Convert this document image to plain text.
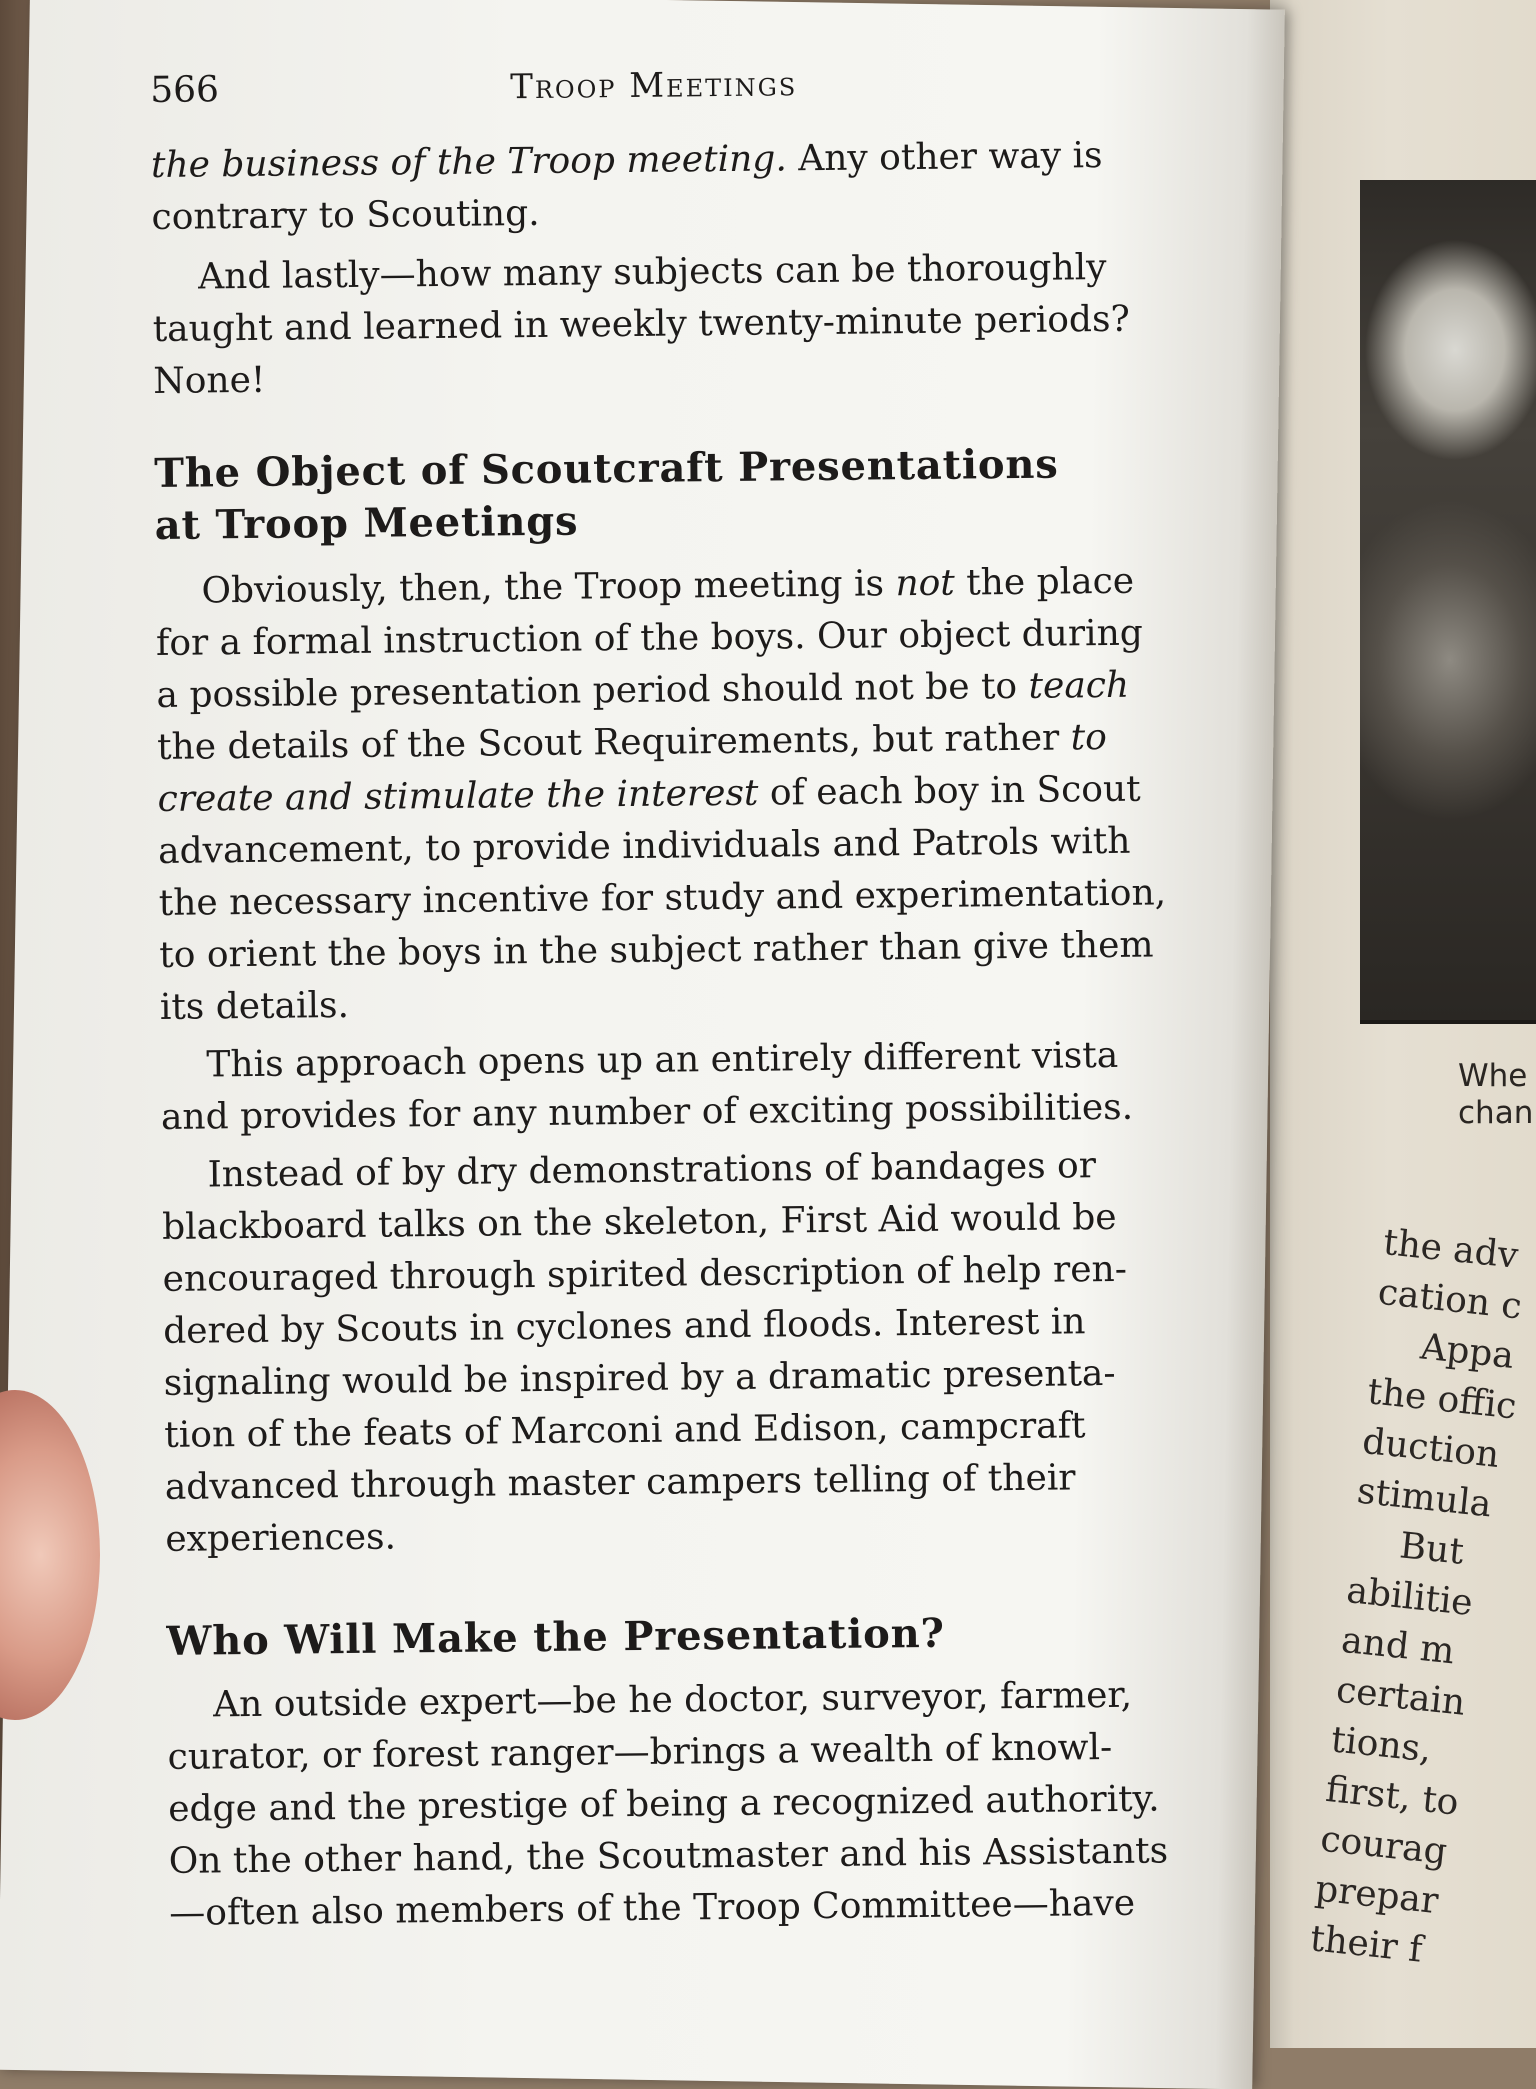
Whe
chan
the adv
cation c
Appa
the offic
duction
stimula
But
abilitie
and m
certain
tions,
first, to
courag
prepar
their f
566	Troop Meetings

the business of the Troop meeting. Any other way is
contrary to Scouting.

And lastly—how many subjects can be thoroughly
taught and learned in weekly twenty-minute periods?
None!

The Object of Scoutcraft Presentations
at Troop Meetings

Obviously, then, the Troop meeting is not the place
for a formal instruction of the boys. Our object during
a possible presentation period should not be to teach
the details of the Scout Requirements, but rather to
create and stimulate the interest of each boy in Scout
advancement, to provide individuals and Patrols with
the necessary incentive for study and experimentation,
to orient the boys in the subject rather than give them
its details.

This approach opens up an entirely different vista
and provides for any number of exciting possibilities.

Instead of by dry demonstrations of bandages or
blackboard talks on the skeleton, First Aid would be
encouraged through spirited description of help ren-
dered by Scouts in cyclones and floods. Interest in
signaling would be inspired by a dramatic presenta-
tion of the feats of Marconi and Edison, campcraft
advanced through master campers telling of their
experiences.

Who Will Make the Presentation?

An outside expert—be he doctor, surveyor, farmer,
curator, or forest ranger—brings a wealth of knowl-
edge and the prestige of being a recognized authority.
On the other hand, the Scoutmaster and his Assistants
—often also members of the Troop Committee—have
